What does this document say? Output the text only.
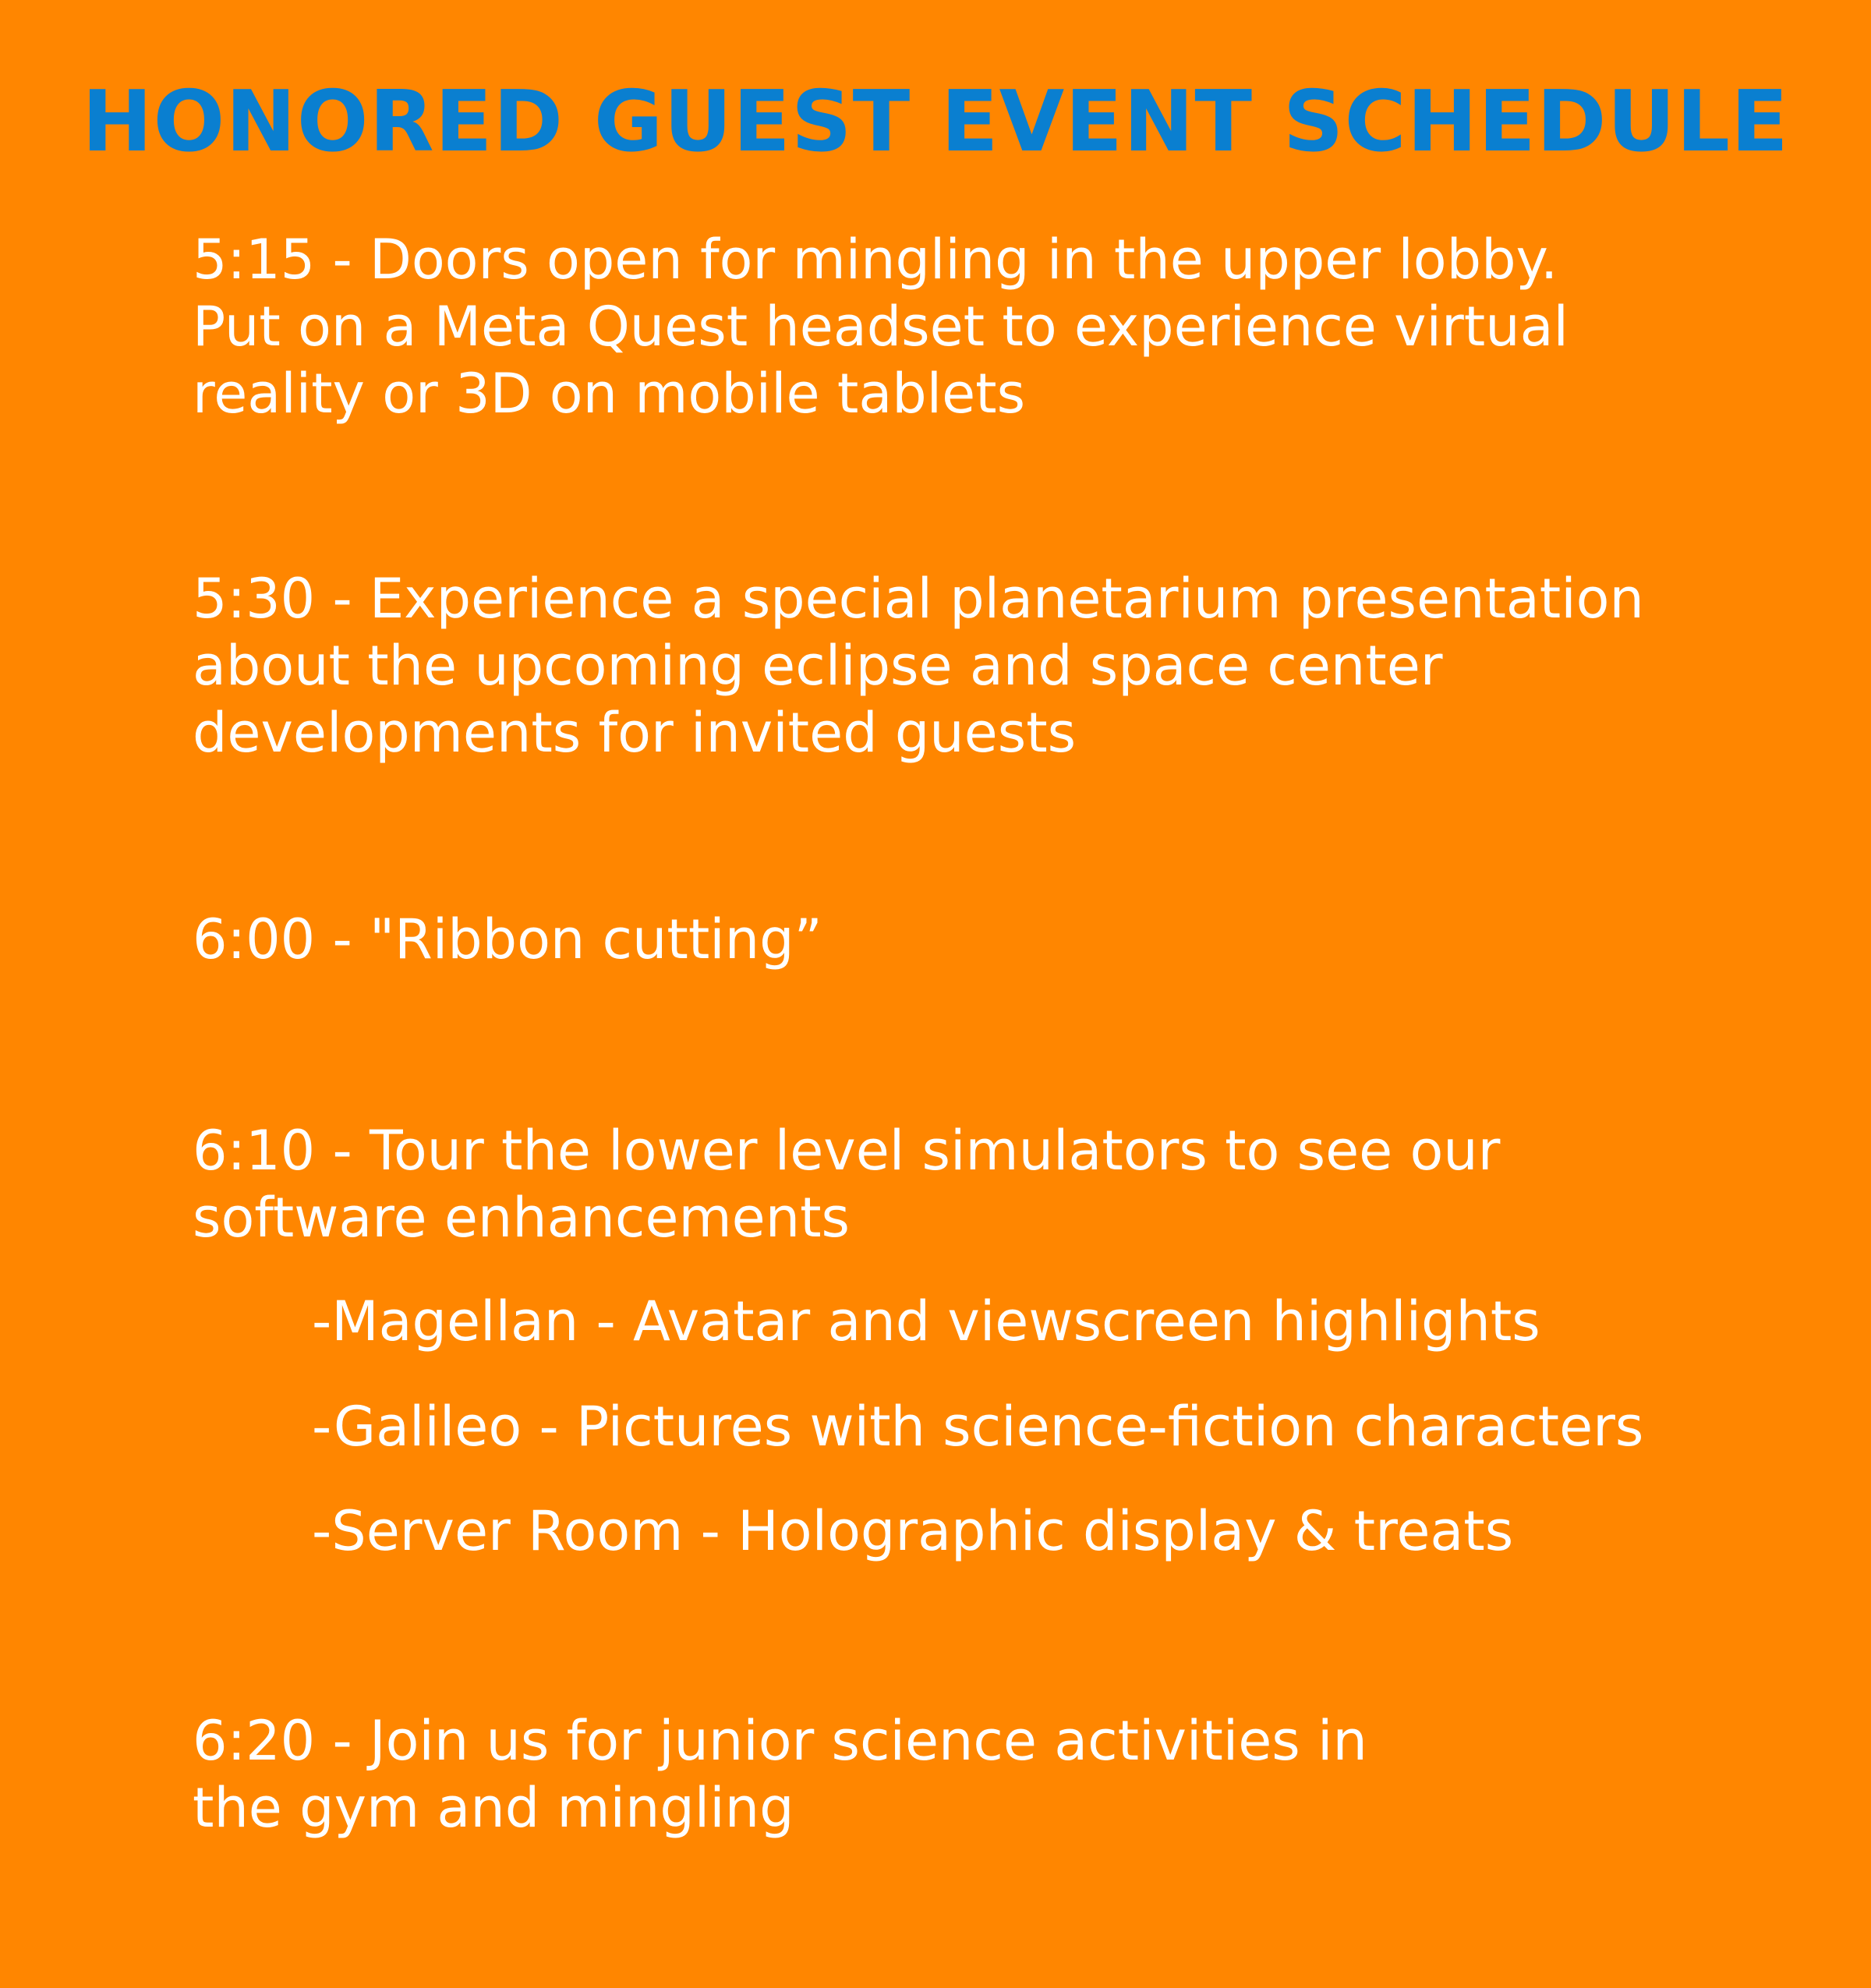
HONORED GUEST EVENT SCHEDULE
5:15 - Doors open for mingling in the upper lobby.
Put on a Meta Quest headset to experience virtual
reality or 3D on mobile tablets
5:30 - Experience a special planetarium presentation
about the upcoming eclipse and space center
developments for invited guests
6:00 - "Ribbon cutting”
6:10 - Tour the lower level simulators to see our
software enhancements
-Magellan - Avatar and viewscreen highlights
-Galileo - Pictures with science-fiction characters
-Server Room - Holographic display & treats
6:20 - Join us for junior science activities in
the gym and mingling
